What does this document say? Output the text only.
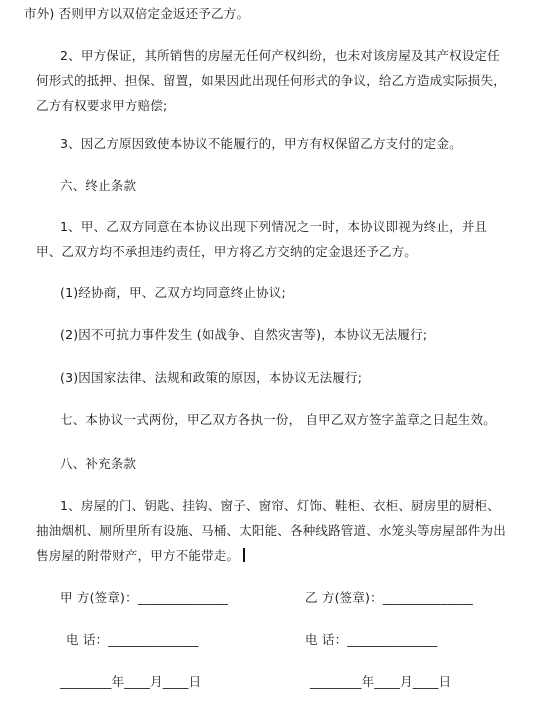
市外) 否则甲方以双倍定金返还予乙方。
2、甲方保证，其所销售的房屋无任何产权纠纷，也未对该房屋及其产权设定任
何形式的抵押、担保、留置，如果因此出现任何形式的争议，给乙方造成实际损失，
乙方有权要求甲方赔偿;
3、因乙方原因致使本协议不能履行的，甲方有权保留乙方支付的定金。
六、终止条款
1、甲、乙双方同意在本协议出现下列情况之一时，本协议即视为终止，并且
甲、乙双方均不承担违约责任，甲方将乙方交纳的定金退还予乙方。
(1)经协商，甲、乙双方均同意终止协议;
(2)因不可抗力事件发生 (如战争、自然灾害等)，本协议无法履行;
(3)因国家法律、法规和政策的原因，本协议无法履行;
七、本协议一式两份，甲乙双方各执一份， 自甲乙双方签字盖章之日起生效。
八、补充条款
1、房屋的门、钥匙、挂钩、窗子、窗帘、灯饰、鞋柜、衣柜、厨房里的厨柜、
抽油烟机、厕所里所有设施、马桶、太阳能、各种线路管道、水笼头等房屋部件为出
售房屋的附带财产，甲方不能带走。
甲 方(签章)：______________	乙 方(签章)：______________
电 话：______________	电 话：______________
________年____月____日	________年____月____日
